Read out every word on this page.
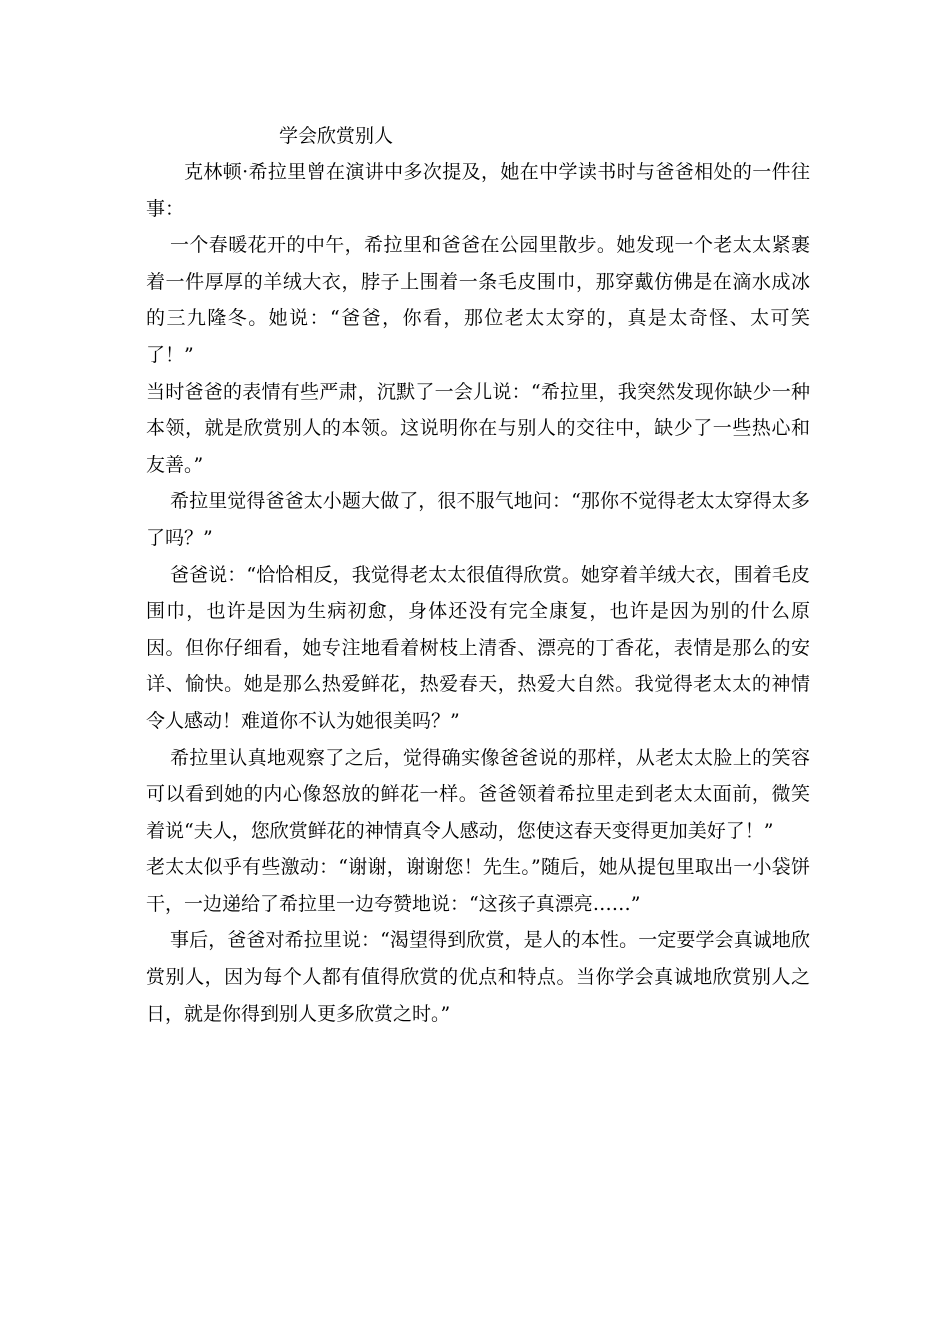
学会欣赏别人

克林顿·希拉里曾在演讲中多次提及，她在中学读书时与爸爸相处的一件往事：

一个春暖花开的中午，希拉里和爸爸在公园里散步。她发现一个老太太紧裹着一件厚厚的羊绒大衣，脖子上围着一条毛皮围巾，那穿戴仿佛是在滴水成冰的三九隆冬。她说：“爸爸，你看，那位老太太穿的，真是太奇怪、太可笑了！”

当时爸爸的表情有些严肃，沉默了一会儿说：“希拉里，我突然发现你缺少一种本领，就是欣赏别人的本领。这说明你在与别人的交往中，缺少了一些热心和友善。”

希拉里觉得爸爸太小题大做了，很不服气地问：“那你不觉得老太太穿得太多了吗？”

爸爸说：“恰恰相反，我觉得老太太很值得欣赏。她穿着羊绒大衣，围着毛皮围巾，也许是因为生病初愈，身体还没有完全康复，也许是因为别的什么原因。但你仔细看，她专注地看着树枝上清香、漂亮的丁香花，表情是那么的安详、愉快。她是那么热爱鲜花，热爱春天，热爱大自然。我觉得老太太的神情令人感动！难道你不认为她很美吗？”

希拉里认真地观察了之后，觉得确实像爸爸说的那样，从老太太脸上的笑容可以看到她的内心像怒放的鲜花一样。爸爸领着希拉里走到老太太面前，微笑着说“夫人，您欣赏鲜花的神情真令人感动，您使这春天变得更加美好了！”

老太太似乎有些激动：“谢谢，谢谢您！先生。”随后，她从提包里取出一小袋饼干，一边递给了希拉里一边夸赞地说：“这孩子真漂亮……”

事后，爸爸对希拉里说：“渴望得到欣赏，是人的本性。一定要学会真诚地欣赏别人，因为每个人都有值得欣赏的优点和特点。当你学会真诚地欣赏别人之日，就是你得到别人更多欣赏之时。”
